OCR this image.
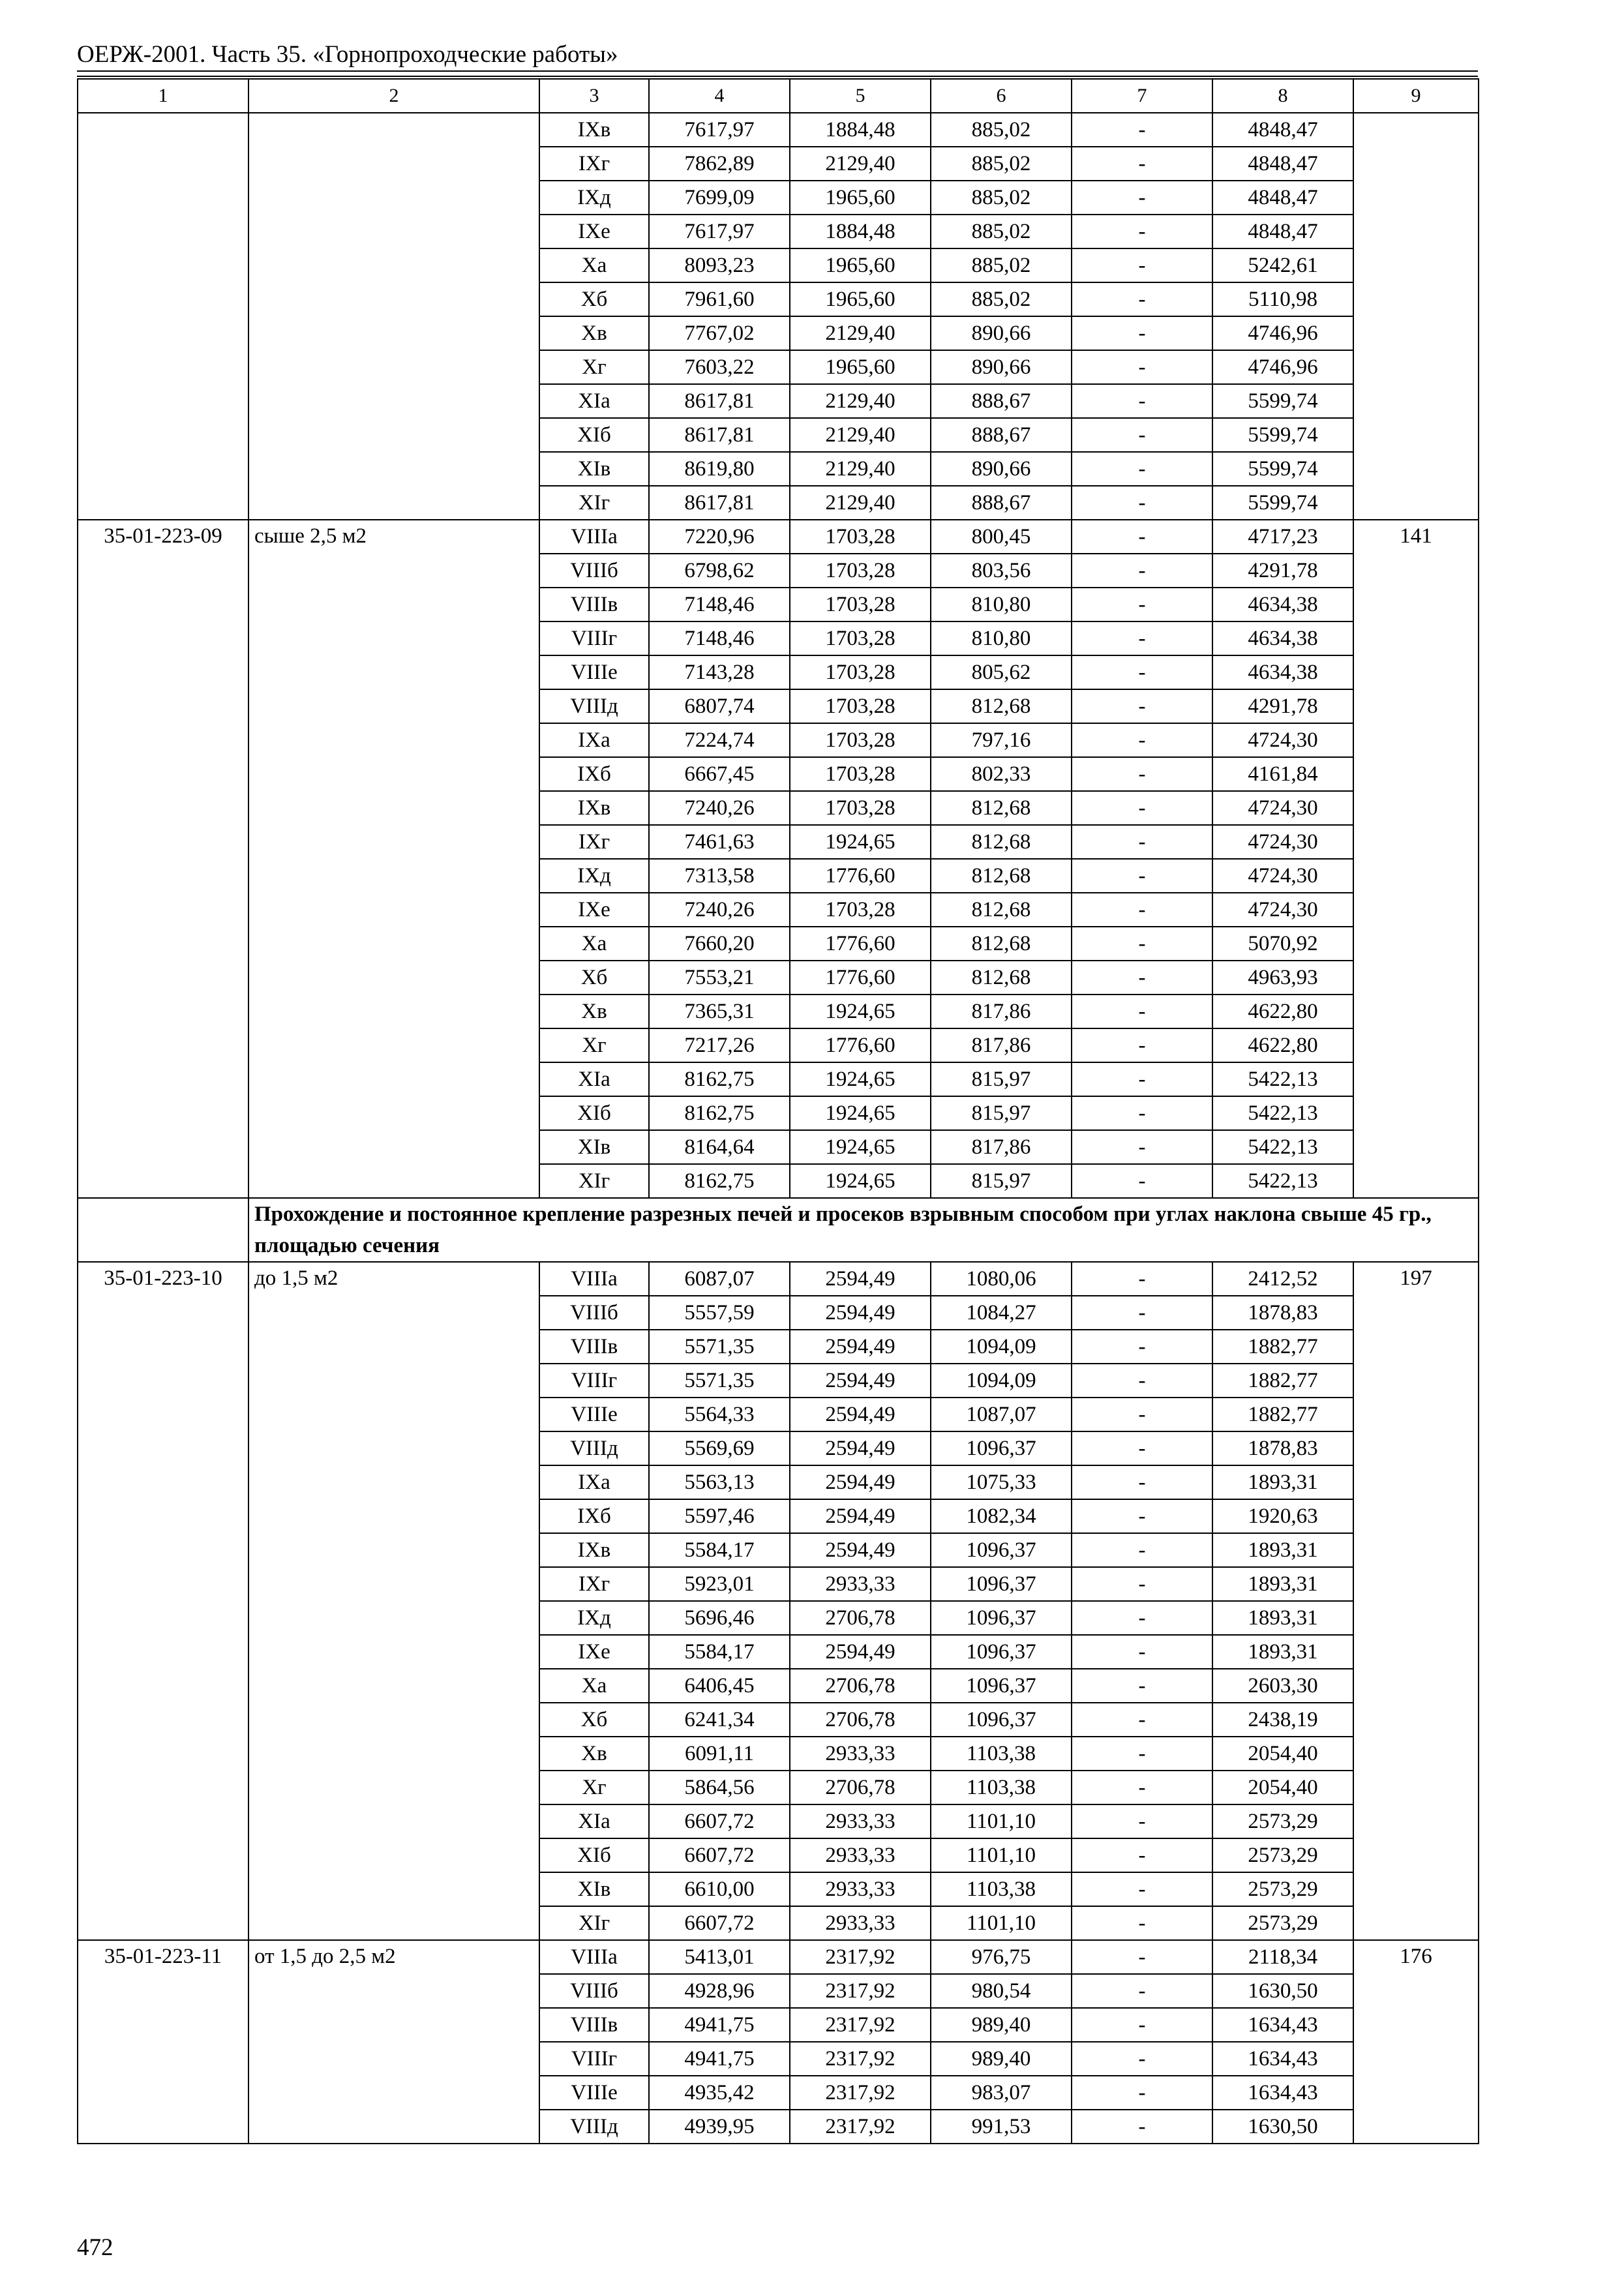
ОЕРЖ-2001. Часть 35. «Горнопроходческие работы»
1	2	3	4	5	6	7	8	9
		IXв	7617,97	1884,48	885,02	-	4848,47	
		IXг	7862,89	2129,40	885,02	-	4848,47	
		IXд	7699,09	1965,60	885,02	-	4848,47	
		IXе	7617,97	1884,48	885,02	-	4848,47	
		Xа	8093,23	1965,60	885,02	-	5242,61	
		Xб	7961,60	1965,60	885,02	-	5110,98	
		Xв	7767,02	2129,40	890,66	-	4746,96	
		Xг	7603,22	1965,60	890,66	-	4746,96	
		XIа	8617,81	2129,40	888,67	-	5599,74	
		XIб	8617,81	2129,40	888,67	-	5599,74	
		XIв	8619,80	2129,40	890,66	-	5599,74	
		XIг	8617,81	2129,40	888,67	-	5599,74	
35-01-223-09	сыше 2,5 м2	VIIIа	7220,96	1703,28	800,45	-	4717,23	141
		VIIIб	6798,62	1703,28	803,56	-	4291,78	
		VIIIв	7148,46	1703,28	810,80	-	4634,38	
		VIIIг	7148,46	1703,28	810,80	-	4634,38	
		VIIIе	7143,28	1703,28	805,62	-	4634,38	
		VIIIд	6807,74	1703,28	812,68	-	4291,78	
		IXа	7224,74	1703,28	797,16	-	4724,30	
		IXб	6667,45	1703,28	802,33	-	4161,84	
		IXв	7240,26	1703,28	812,68	-	4724,30	
		IXг	7461,63	1924,65	812,68	-	4724,30	
		IXд	7313,58	1776,60	812,68	-	4724,30	
		IXе	7240,26	1703,28	812,68	-	4724,30	
		Xа	7660,20	1776,60	812,68	-	5070,92	
		Xб	7553,21	1776,60	812,68	-	4963,93	
		Xв	7365,31	1924,65	817,86	-	4622,80	
		Xг	7217,26	1776,60	817,86	-	4622,80	
		XIа	8162,75	1924,65	815,97	-	5422,13	
		XIб	8162,75	1924,65	815,97	-	5422,13	
		XIв	8164,64	1924,65	817,86	-	5422,13	
		XIг	8162,75	1924,65	815,97	-	5422,13	
	Прохождение и постоянное крепление разрезных печей и просеков взрывным способом при углах наклона свыше 45 гр., площадью сечения							
35-01-223-10	до 1,5 м2	VIIIа	6087,07	2594,49	1080,06	-	2412,52	197
		VIIIб	5557,59	2594,49	1084,27	-	1878,83	
		VIIIв	5571,35	2594,49	1094,09	-	1882,77	
		VIIIг	5571,35	2594,49	1094,09	-	1882,77	
		VIIIе	5564,33	2594,49	1087,07	-	1882,77	
		VIIIд	5569,69	2594,49	1096,37	-	1878,83	
		IXа	5563,13	2594,49	1075,33	-	1893,31	
		IXб	5597,46	2594,49	1082,34	-	1920,63	
		IXв	5584,17	2594,49	1096,37	-	1893,31	
		IXг	5923,01	2933,33	1096,37	-	1893,31	
		IXд	5696,46	2706,78	1096,37	-	1893,31	
		IXе	5584,17	2594,49	1096,37	-	1893,31	
		Xа	6406,45	2706,78	1096,37	-	2603,30	
		Xб	6241,34	2706,78	1096,37	-	2438,19	
		Xв	6091,11	2933,33	1103,38	-	2054,40	
		Xг	5864,56	2706,78	1103,38	-	2054,40	
		XIа	6607,72	2933,33	1101,10	-	2573,29	
		XIб	6607,72	2933,33	1101,10	-	2573,29	
		XIв	6610,00	2933,33	1103,38	-	2573,29	
		XIг	6607,72	2933,33	1101,10	-	2573,29	
35-01-223-11	от 1,5 до 2,5 м2	VIIIа	5413,01	2317,92	976,75	-	2118,34	176
		VIIIб	4928,96	2317,92	980,54	-	1630,50	
		VIIIв	4941,75	2317,92	989,40	-	1634,43	
		VIIIг	4941,75	2317,92	989,40	-	1634,43	
		VIIIе	4935,42	2317,92	983,07	-	1634,43	
		VIIIд	4939,95	2317,92	991,53	-	1630,50	
472
